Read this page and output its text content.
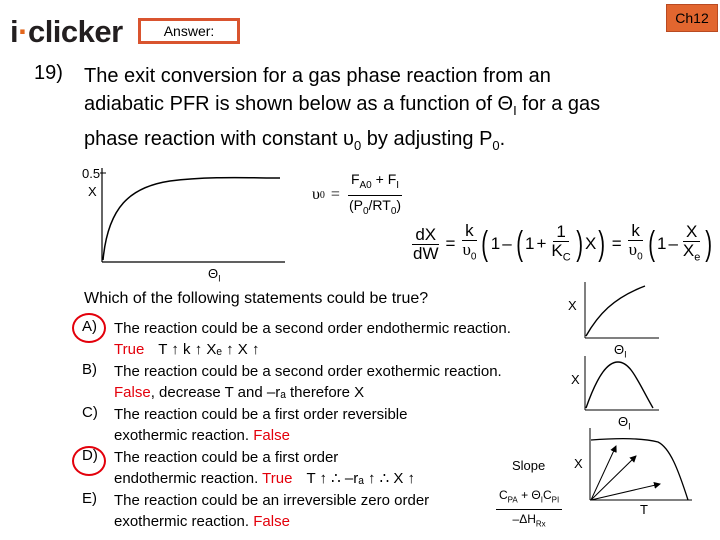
i·clicker	Answer:
Ch12
19) The exit conversion for a gas phase reaction from an
adiabatic PFR is shown below as a function of $\Theta_I$ for a gas
phase reaction with constant $\upsilon_0$ by adjusting $P_0$.
0.5
X
$\Theta_I$
υ $0 = \frac{F_{A0} + F_I}{(P_0/RT_0)}$
$\frac{dX}{dW} = \frac{k}{\upsilon_0}$ ( 1 – ( $1 + \frac{1}{K_C}$ ) X ) = $\frac{k}{\upsilon_0}$ ( $1 - \frac{X}{X_e}$ )
Which of the following statements could be true?
A) The reaction could be a second order endothermic reaction.
True T ↑ k ↑ Xₑ ↑ X ↑
B) The reaction could be a second order exothermic reaction.
False, decrease T and –rₐ therefore X
C) The reaction could be a first order reversible
exothermic reaction. False
D) The reaction could be a first order
endothermic reaction. True T ↑ ∴ –rₐ ↑ ∴ X ↑
E) The reaction could be an irreversible zero order
exothermic reaction. False
X
$\Theta_I$
X
$\Theta_I$
X
T
Slope
$\frac{C_{PA} + \Theta_IC_{PI}}{-\Delta H_{Rx}}$
